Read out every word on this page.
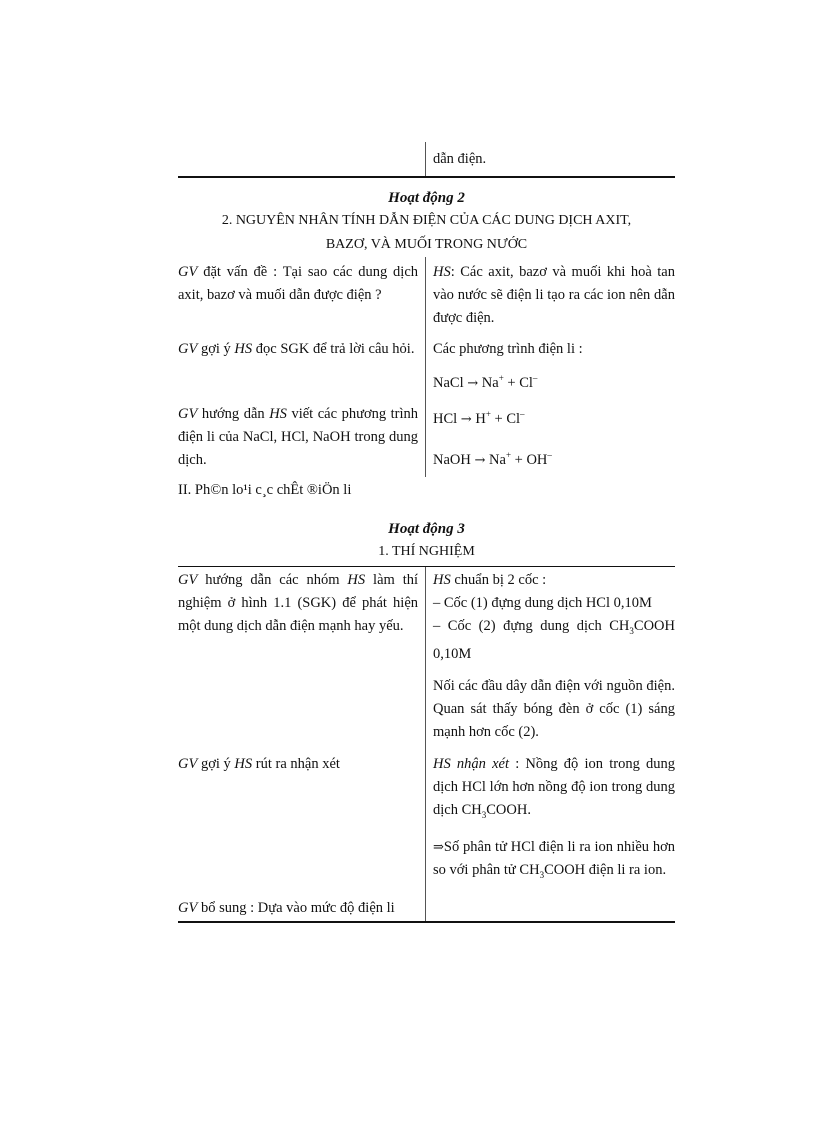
dẫn điện.
Hoạt động 2
2. NGUYÊN NHÂN TÍNH DẪN ĐIỆN CỦA CÁC DUNG DỊCH AXIT,
BAZƠ, VÀ MUỐI TRONG NƯỚC
GV đặt vấn đề : Tại sao các dung dịch axit, bazơ và muối dẫn được điện ?
HS: Các axit, bazơ và muối khi hoà tan vào nước sẽ điện li tạo ra các ion nên dẫn được điện.
GV gợi ý HS đọc SGK để trả lời câu hỏi.	Các phương trình điện li :
NaCl → Na+ + Cl–
GV hướng dẫn HS viết các phương trình điện li của NaCl, HCl, NaOH trong dung dịch.
HCl → H+ + Cl–
NaOH → Na+ + OH–
II. Ph©n lo¹i c¸c chÊt ®iÖn li
Hoạt động 3
1. THÍ NGHIỆM
GV hướng dẫn các nhóm HS làm thí nghiệm ở hình 1.1 (SGK) để phát hiện một dung dịch dẫn điện mạnh hay yếu.
HS chuẩn bị 2 cốc :
– Cốc (1) đựng dung dịch HCl 0,10M
– Cốc (2) đựng dung dịch $CH_3COOH$ 0,10M
Nối các đầu dây dẫn điện với nguồn điện. Quan sát thấy bóng đèn ở cốc (1) sáng mạnh hơn cốc (2).
GV gợi ý HS rút ra nhận xét	HS nhận xét : Nồng độ ion trong dung dịch HCl lớn hơn nồng độ ion trong dung dịch $CH_3COOH$.
⇒Số phân tử HCl điện li ra ion nhiều hơn so với phân tử $CH_3COOH$ điện li ra ion.
GV bổ sung : Dựa vào mức độ điện li
